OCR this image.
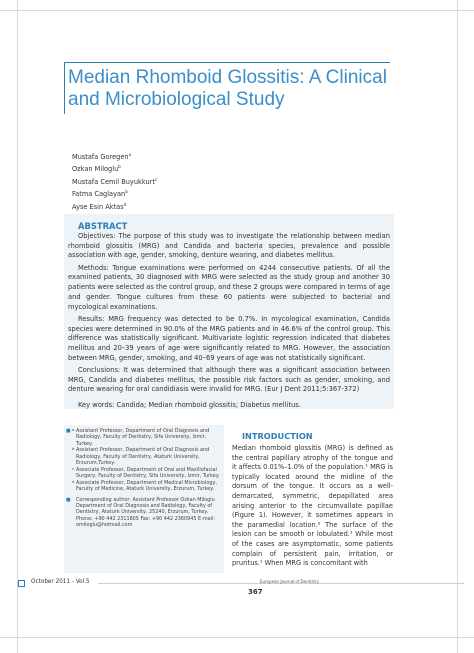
Median Rhomboid Glossitis: A Clinical and Microbiological Study
Mustafa Goregen$^a$
Ozkan Miloglu$^b$
Mustafa Cemil Buyukkurt$^c$
Fatma Caglayan$^b$
Ayse Esin Aktas$^d$
ABSTRACT

Objectives: The purpose of this study was to investigate the relationship between median rhomboid glossitis (MRG) and Candida and bacteria species, prevalence and possible association with age, gender, smoking, denture wearing, and diabetes mellitus.

Methods: Tongue examinations were performed on 4244 consecutive patients. Of all the examined patients, 30 diagnosed with MRG were selected as the study group and another 30 patients were selected as the control group, and these 2 groups were compared in terms of age and gender. Tongue cultures from these 60 patients were subjected to bacterial and mycological examinations.

Results: MRG frequency was detected to be 0.7%. In mycological examination, Candida species were determined in 90.0% of the MRG patients and in 46.6% of the control group. This difference was statistically significant. Multivariate logistic regression indicated that diabetes mellitus and 20–39 years of age were significantly related to MRG. However, the association between MRG, gender, smoking, and 40–69 years of age was not statistically significant.

Conclusions: It was determined that although there was a significant association between MRG, Candida and diabetes mellitus, the possible risk factors such as gender, smoking, and denture wearing for oral candidiasis were invalid for MRG. (Eur J Dent 2011;5:367-372)

Key words: Candida; Median rhomboid glossitis; Diabetus mellitus.

■ a Assistant Professor, Department of Oral Diagnosis and Radiology, Faculty of Dentistry, Sifa University, Izmir, Turkey.
b Assistant Professor, Department of Oral Diagnosis and Radiology, Faculty of Dentistry, Ataturk University, Erzurum,Turkey.
c Associate Professor, Department of Oral and Maxillofacial Surgery, Faculty of Dentistry, Sifa University, Izmir, Turkey.
d Associate Professor, Department of Medical Microbiology, Faculty of Medicine, Ataturk University, Erzurum, Turkey.
■ Corresponding author: Assistant Professor Ozkan Miloglu Department of Oral Diagnosis and Radiology, Faculty of Dentistry, Ataturk University, 25240, Erzurum, Turkey. Phone: +90 442 2311805 Fax: +90 442 2360945 E-mail: omiloglu@hotmail.com
INTRODUCTION
Median rhomboid glossitis (MRG) is defined as the central papillary atrophy of the tongue and it affects 0.01%–1.0% of the population.¹ MRG is typically located around the midline of the dorsum of the tongue. It occurs as a well-demarcated, symmetric, depapillated area arising anterior to the circumvallate papillae (Figure 1). However, it sometimes appears in the paramedial location.² The surface of the lesion can be smooth or lobulated.¹ While most of the cases are asymptomatic, some patients complain of persistent pain, irritation, or pruritus.¹ When MRG is concomitant with
October 2011 - Vol.5	European Journal of Dentistry
367
